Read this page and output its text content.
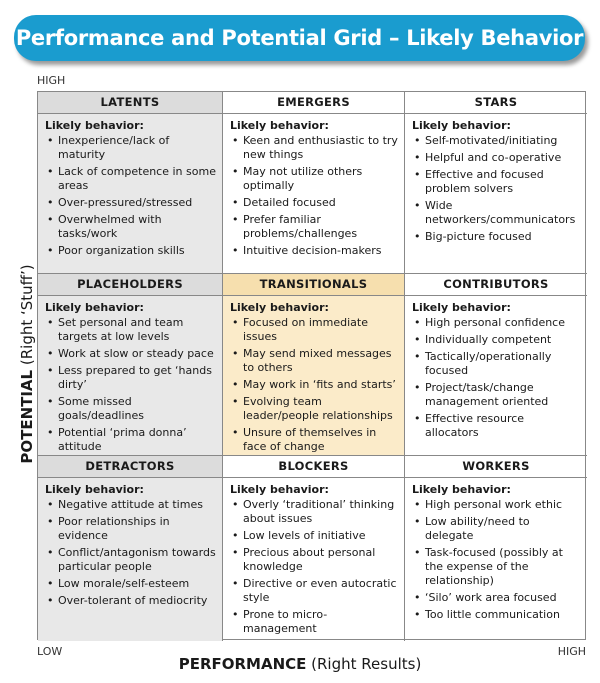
Performance and Potential Grid – Likely Behavior
HIGH
POTENTIAL (Right ‘Stuff’)
LATENTS
Likely behavior:
• Inexperience/lack of maturity
• Lack of competence in some areas
• Over-pressured/stressed
• Overwhelmed with tasks/work
• Poor organization skills
EMERGERS
Likely behavior:
• Keen and enthusiastic to try new things
• May not utilize others optimally
• Detailed focused
• Prefer familiar problems/challenges
• Intuitive decision-makers
STARS
Likely behavior:
• Self-motivated/initiating
• Helpful and co-operative
• Effective and focused problem solvers
• Wide networkers/communicators
• Big-picture focused
PLACEHOLDERS
Likely behavior:
• Set personal and team targets at low levels
• Work at slow or steady pace
• Less prepared to get ‘hands dirty’
• Some missed goals/deadlines
• Potential ‘prima donna’ attitude
TRANSITIONALS
Likely behavior:
• Focused on immediate issues
• May send mixed messages to others
• May work in ‘fits and starts’
• Evolving team leader/people relationships
• Unsure of themselves in face of change
CONTRIBUTORS
Likely behavior:
• High personal confidence
• Individually competent
• Tactically/operationally focused
• Project/task/change management oriented
• Effective resource allocators
DETRACTORS
Likely behavior:
• Negative attitude at times
• Poor relationships in evidence
• Conflict/antagonism towards particular people
• Low morale/self-esteem
• Over-tolerant of mediocrity
BLOCKERS
Likely behavior:
• Overly ‘traditional’ thinking about issues
• Low levels of initiative
• Precious about personal knowledge
• Directive or even autocratic style
• Prone to micro-management
WORKERS
Likely behavior:
• High personal work ethic
• Low ability/need to delegate
• Task-focused (possibly at the expense of the relationship)
• ‘Silo’ work area focused
• Too little communication
LOW	HIGH
PERFORMANCE (Right Results)
